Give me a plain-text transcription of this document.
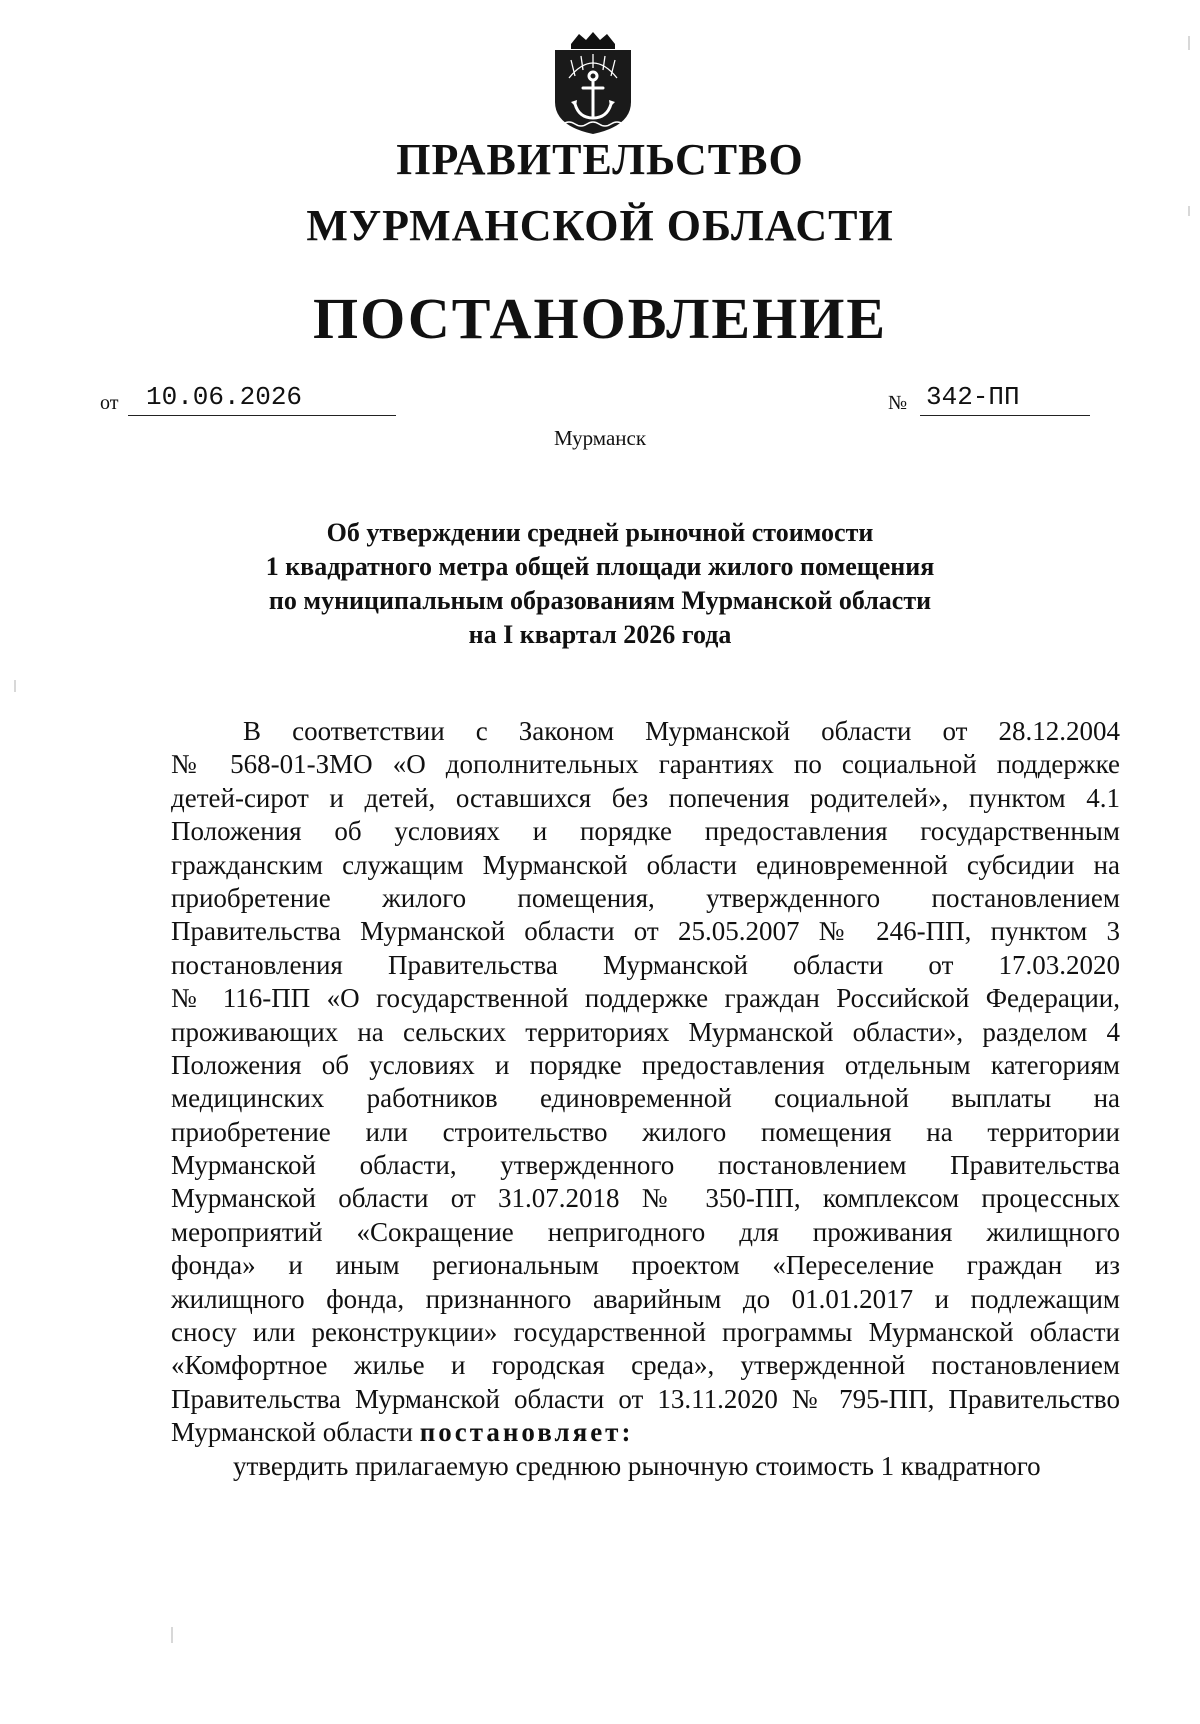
ПРАВИТЕЛЬСТВО
МУРМАНСКОЙ ОБЛАСТИ
ПОСТАНОВЛЕНИЕ
от	10.06.2026	№ 342-ПП
Мурманск
Об утверждении средней рыночной стоимости
1 квадратного метра общей площади жилого помещения
по муниципальным образованиям Мурманской области
на I квартал 2026 года
В соответствии с Законом Мурманской области от 28.12.2004
№ 568-01-ЗМО «О дополнительных гарантиях по социальной поддержке
детей-сирот и детей, оставшихся без попечения родителей», пунктом 4.1
Положения об условиях и порядке предоставления государственным
гражданским служащим Мурманской области единовременной субсидии на
приобретение жилого помещения, утвержденного постановлением
Правительства Мурманской области от 25.05.2007 № 246-ПП, пунктом 3
постановления Правительства Мурманской области от 17.03.2020
№ 116-ПП «О государственной поддержке граждан Российской Федерации,
проживающих на сельских территориях Мурманской области», разделом 4
Положения об условиях и порядке предоставления отдельным категориям
медицинских работников единовременной социальной выплаты на
приобретение или строительство жилого помещения на территории
Мурманской области, утвержденного постановлением Правительства
Мурманской области от 31.07.2018 № 350-ПП, комплексом процессных
мероприятий «Сокращение непригодного для проживания жилищного
фонда» и иным региональным проектом «Переселение граждан из
жилищного фонда, признанного аварийным до 01.01.2017 и подлежащим
сносу или реконструкции» государственной программы Мурманской области
«Комфортное жилье и городская среда», утвержденной постановлением
Правительства Мурманской области от 13.11.2020 № 795-ПП, Правительство
Мурманской области постановляет:
утвердить прилагаемую среднюю рыночную стоимость 1 квадратного
